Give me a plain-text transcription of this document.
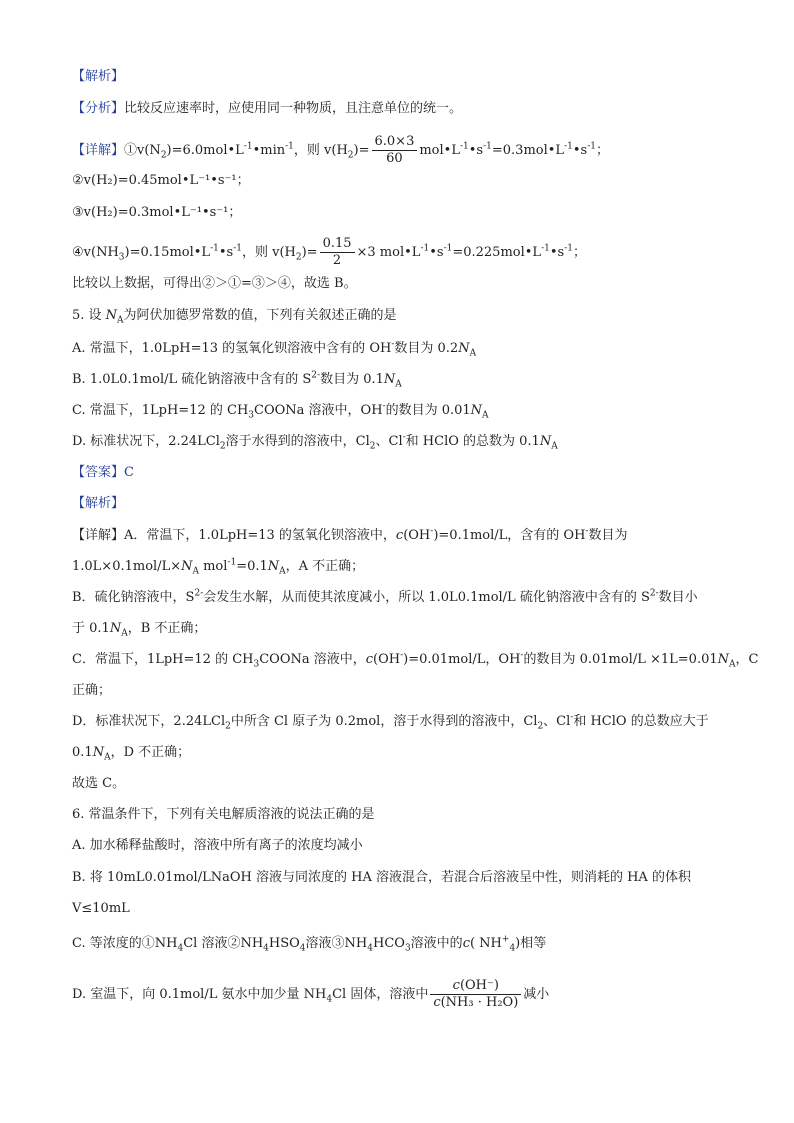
【解析】
【分析】比较反应速率时，应使用同一种物质，且注意单位的统一。
【详解】$①v(N_2)=6.0mol•L^{-1}•\min^{-1}$，则 $v(H_2)= \frac{6.0\times 3}{60}$ $mol•L^{-1}•s^{-1}=0.3mol•L^{-1}•s^{-1}$；
②v(H₂)=0.45mol•L⁻¹•s⁻¹；
③v(H₂)=0.3mol•L⁻¹•s⁻¹；
$④v(NH_3)=0.15mol•L^{-1}•s^{-1}$，则 $v(H_2)= \frac{0.15}{2} \times 3$ $mol•L^{-1}•s^{-1}=0.225mol•L^{-1}•s^{-1}$；
比较以上数据，可得出②＞①=③＞④，故选 B。
5. 设 $N_A$为阿伏加德罗常数的值，下列有关叙述正确的是
A. 常温下，1.0LpH=13 的氢氧化钡溶液中含有的 OH-数目为 $0.2N_A$
B. 1.0L0.1mol/L 硫化钠溶液中含有的 $S^{2-}$数目为 $0.1N_A$
C. 常温下，1LpH=12 的 $CH_3COONa$ 溶液中，OH-的数目为 $0.01N_A$
D. 标准状况下，2.24LCl$_2$溶于水得到的溶液中，$Cl_2$、Cl-和 HClO 的总数为 $0.1N_A$
【答案】C
【解析】
【详解】A．常温下，1.0LpH=13 的氢氧化钡溶液中，c(OH-)=0.1mol/L，含有的 OH-数目为
$1.0L\times 0.1mol/L\times N_A$ $mol^{-1}=0.1N_A$，A 不正确；
B．硫化钠溶液中，$S^{2-}$会发生水解，从而使其浓度减小，所以 1.0L0.1mol/L 硫化钠溶液中含有的 $S^{2-}$数目小
于 $0.1N_A$，B 不正确；
C．常温下，1LpH=12 的 $CH_3COONa$ 溶液中，c(OH-)=0.01mol/L，OH-的数目为 $0.01mol/L \times 1L=0.01N_A$，C
正确；
D．标准状况下，2.24LCl$_2$中所含 Cl 原子为 0.2mol，溶于水得到的溶液中，$Cl_2$、Cl-和 HClO 的总数应大于
$0.1N_A$，D 不正确；
故选 C。
6. 常温条件下，下列有关电解质溶液的说法正确的是
A. 加水稀释盐酸时，溶液中所有离子的浓度均减小
B. 将 10mL0.01mol/LNaOH 溶液与同浓度的 HA 溶液混合，若混合后溶液呈中性，则消耗的 HA 的体积
V≤10mL
C. 等浓度的$①NH_4Cl$ 溶液$②NH_4HSO_4$溶液$③NH_4HCO_3$溶液中的c( $NH^+_4$)相等
D. 室温下，向 0.1mol/L 氨水中加少量 $NH_4Cl$ 固体，溶液中 $\frac{c(OH^-)}{\text{c(NH₃ · H₂O)}}$ 减小
